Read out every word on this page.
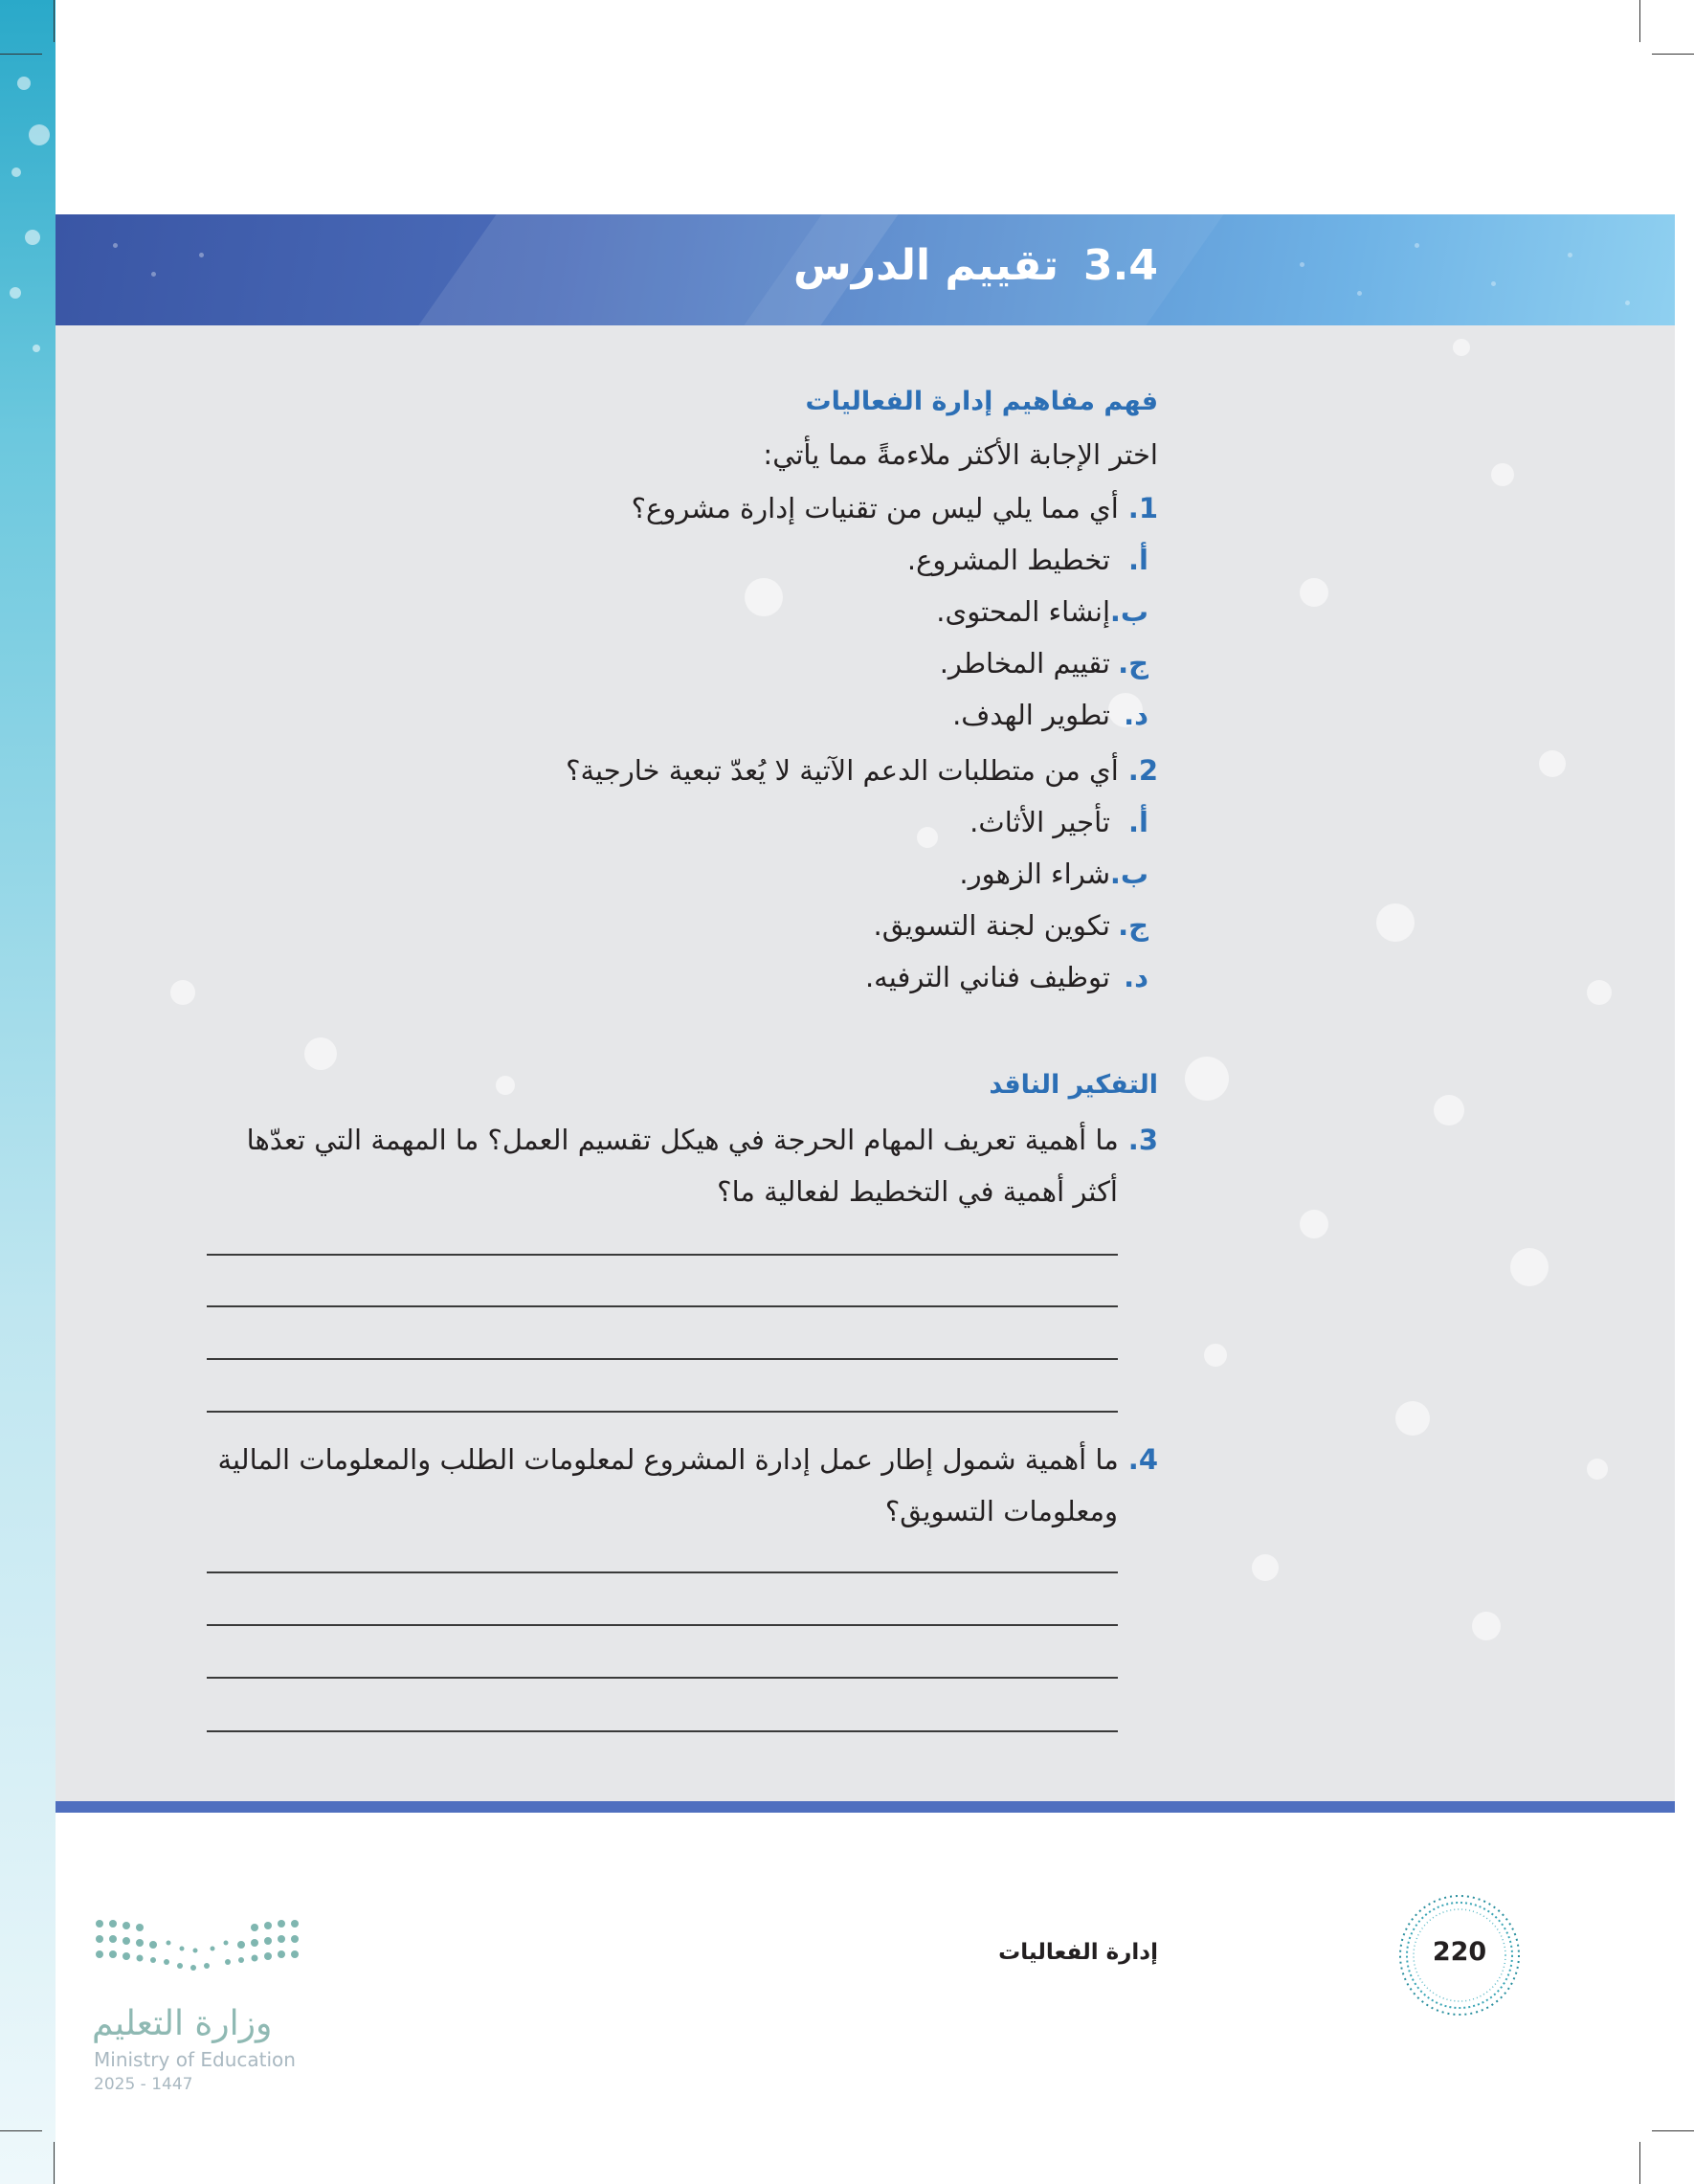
3.4تقييم الدرس
فهم مفاهيم إدارة الفعاليات
اختر الإجابة الأكثر ملاءمةً مما يأتي:
1.أي مما يلي ليس من تقنيات إدارة مشروع؟
أ.تخطيط المشروع.
ب.إنشاء المحتوى.
ج.تقييم المخاطر.
د.تطوير الهدف.
2.أي من متطلبات الدعم الآتية لا يُعدّ تبعية خارجية؟
أ.تأجير الأثاث.
ب.شراء الزهور.
ج.تكوين لجنة التسويق.
د.توظيف فناني الترفيه.
التفكير الناقد
3.ما أهمية تعريف المهام الحرجة في هيكل تقسيم العمل؟ ما المهمة التي تعدّها
أكثر أهمية في التخطيط لفعالية ما؟
4.ما أهمية شمول إطار عمل إدارة المشروع لمعلومات الطلب والمعلومات المالية
ومعلومات التسويق؟
إدارة الفعاليات	220
وزارة التعليم
Ministry of Education
2025 - 1447
